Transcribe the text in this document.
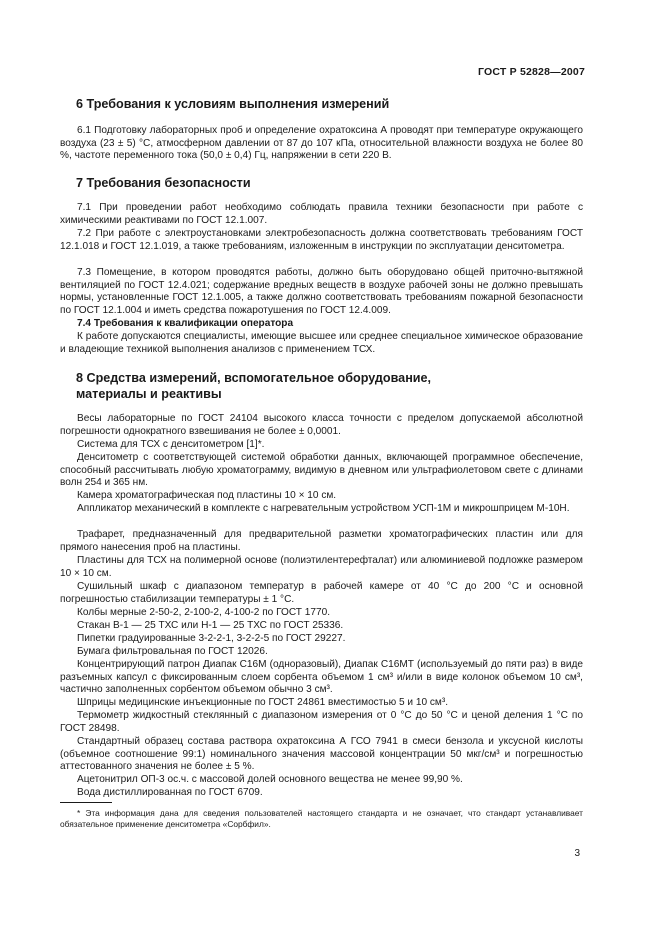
ГОСТ Р 52828—2007
6 Требования к условиям выполнения измерений
6.1 Подготовку лабораторных проб и определение охратоксина А проводят при температуре окружающего воздуха (23 ± 5) °С, атмосферном давлении от 87 до 107 кПа, относительной влажности воздуха не более 80 %, частоте переменного тока (50,0 ± 0,4) Гц, напряжении в сети 220 В.
7 Требования безопасности
7.1 При проведении работ необходимо соблюдать правила техники безопасности при работе с химическими реактивами по ГОСТ 12.1.007.
7.2 При работе с электроустановками электробезопасность должна соответствовать требованиям ГОСТ 12.1.018 и ГОСТ 12.1.019, а также требованиям, изложенным в инструкции по эксплуатации денситометра.
7.3 Помещение, в котором проводятся работы, должно быть оборудовано общей приточно-вытяжной вентиляцией по ГОСТ 12.4.021; содержание вредных веществ в воздухе рабочей зоны не должно превышать нормы, установленные ГОСТ 12.1.005, а также должно соответствовать требованиям пожарной безопасности по ГОСТ 12.1.004 и иметь средства пожаротушения по ГОСТ 12.4.009.
7.4 Требования к квалификации оператора
К работе допускаются специалисты, имеющие высшее или среднее специальное химическое образование и владеющие техникой выполнения анализов с применением ТСХ.
8 Средства измерений, вспомогательное оборудование,
материалы и реактивы
Весы лабораторные по ГОСТ 24104 высокого класса точности с пределом допускаемой абсолютной погрешности однократного взвешивания не более ± 0,0001.
Система для ТСХ с денситометром [1]*.
Денситометр с соответствующей системой обработки данных, включающей программное обеспечение, способный рассчитывать любую хроматограмму, видимую в дневном или ультрафиолетовом свете с длинами волн 254 и 365 нм.
Камера хроматографическая под пластины 10 × 10 см.
Аппликатор механический в комплекте с нагревательным устройством УСП-1М и микрошприцем М-10Н.
Трафарет, предназначенный для предварительной разметки хроматографических пластин или для прямого нанесения проб на пластины.
Пластины для ТСХ на полимерной основе (полиэтилентерефталат) или алюминиевой подложке размером 10 × 10 см.
Сушильный шкаф с диапазоном температур в рабочей камере от 40 °С до 200 °С и основной погрешностью стабилизации температуры ± 1 °С.
Колбы мерные 2-50-2, 2-100-2, 4-100-2 по ГОСТ 1770.
Стакан В-1 — 25 ТХС или Н-1 — 25 ТХС по ГОСТ 25336.
Пипетки градуированные 3-2-2-1, 3-2-2-5 по ГОСТ 29227.
Бумага фильтровальная по ГОСТ 12026.
Концентрирующий патрон Диапак С16М (одноразовый), Диапак С16МТ (используемый до пяти раз) в виде разъемных капсул с фиксированным слоем сорбента объемом 1 см³ и/или в виде колонок объемом 10 см³, частично заполненных сорбентом объемом обычно 3 см³.
Шприцы медицинские инъекционные по ГОСТ 24861 вместимостью 5 и 10 см³.
Термометр жидкостный стеклянный с диапазоном измерения от 0 °С до 50 °С и ценой деления 1 °С по ГОСТ 28498.
Стандартный образец состава раствора охратоксина А ГСО 7941 в смеси бензола и уксусной кислоты (объемное соотношение 99:1) номинального значения массовой концентрации 50 мкг/см³ и погрешностью аттестованного значения не более ± 5 %.
Ацетонитрил ОП-3 ос.ч. с массовой долей основного вещества не менее 99,90 %.
Вода дистиллированная по ГОСТ 6709.
* Эта информация дана для сведения пользователей настоящего стандарта и не означает, что стандарт устанавливает обязательное применение денситометра «Сорбфил».
3
